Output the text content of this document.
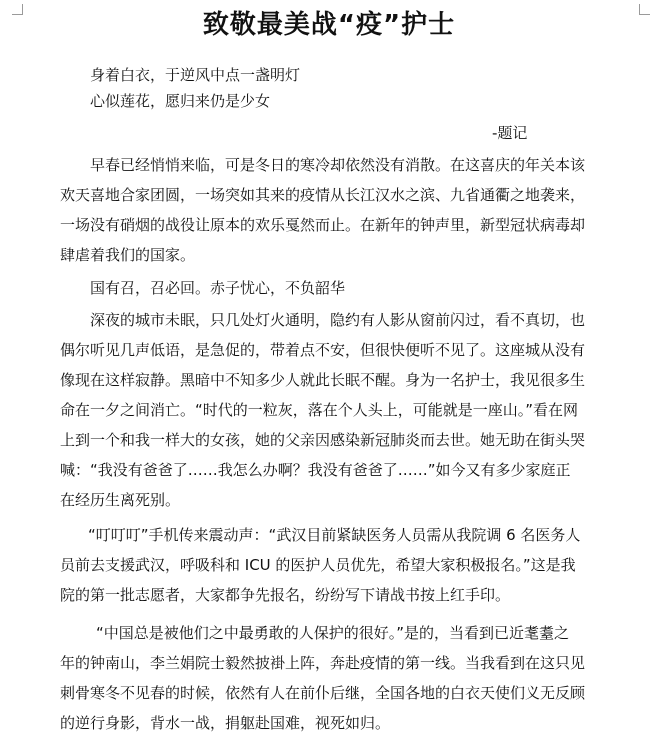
致敬最美战“疫”护士
身着白衣，于逆风中点一盏明灯
心似莲花，愿归来仍是少女
-题记
早春已经悄悄来临，可是冬日的寒冷却依然没有消散。在这喜庆的年关本该
欢天喜地合家团圆，一场突如其来的疫情从长江汉水之滨、九省通衢之地袭来，
一场没有硝烟的战役让原本的欢乐戛然而止。在新年的钟声里，新型冠状病毒却
肆虐着我们的国家。
国有召，召必回。赤子忧心，不负韶华
深夜的城市未眠，只几处灯火通明，隐约有人影从窗前闪过，看不真切，也
偶尔听见几声低语，是急促的，带着点不安，但很快便听不见了。这座城从没有
像现在这样寂静。黑暗中不知多少人就此长眠不醒。身为一名护士，我见很多生
命在一夕之间消亡。“时代的一粒灰，落在个人头上，可能就是一座山。”看在网
上到一个和我一样大的女孩，她的父亲因感染新冠肺炎而去世。她无助在街头哭
喊：“我没有爸爸了……我怎么办啊？我没有爸爸了……”如今又有多少家庭正
在经历生离死别。
“叮叮叮”手机传来震动声：“武汉目前紧缺医务人员需从我院调 6 名医务人
员前去支援武汉，呼吸科和 ICU 的医护人员优先，希望大家积极报名。”这是我
院的第一批志愿者，大家都争先报名，纷纷写下请战书按上红手印。
“中国总是被他们之中最勇敢的人保护的很好。”是的，当看到已近耄耋之
年的钟南山，李兰娟院士毅然披褂上阵，奔赴疫情的第一线。当我看到在这只见
刺骨寒冬不见春的时候，依然有人在前仆后继，全国各地的白衣天使们义无反顾
的逆行身影，背水一战，捐躯赴国难，视死如归。
